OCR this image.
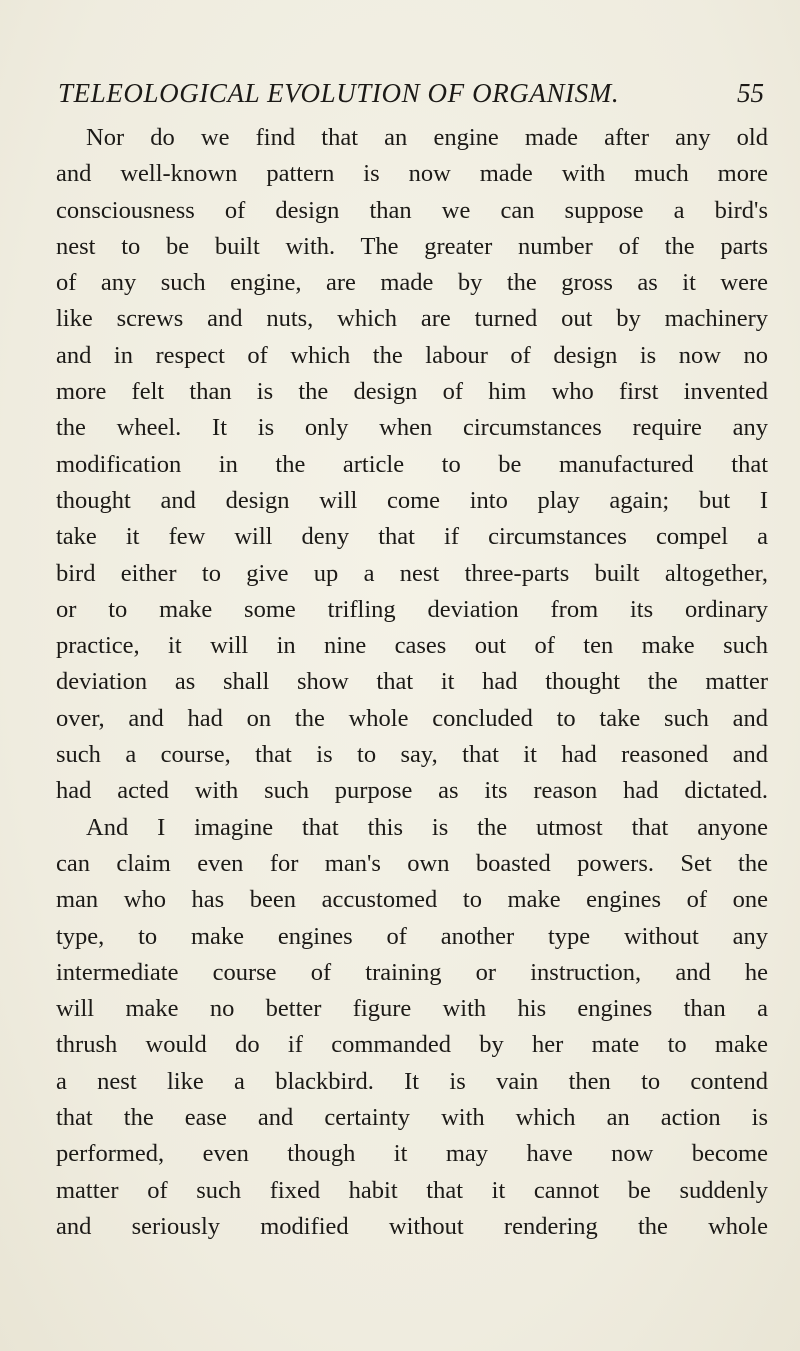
TELEOLOGICAL EVOLUTION OF ORGANISM.	55
Nor do we find that an engine made after any old
and well-known pattern is now made with much more
consciousness of design than we can suppose a bird's
nest to be built with. The greater number of the parts
of any such engine, are made by the gross as it were
like screws and nuts, which are turned out by machinery
and in respect of which the labour of design is now no
more felt than is the design of him who first invented
the wheel. It is only when circumstances require any
modification in the article to be manufactured that
thought and design will come into play again; but I
take it few will deny that if circumstances compel a
bird either to give up a nest three-parts built altogether,
or to make some trifling deviation from its ordinary
practice, it will in nine cases out of ten make such
deviation as shall show that it had thought the matter
over, and had on the whole concluded to take such and
such a course, that is to say, that it had reasoned and
had acted with such purpose as its reason had dictated.
And I imagine that this is the utmost that anyone
can claim even for man's own boasted powers. Set the
man who has been accustomed to make engines of one
type, to make engines of another type without any
intermediate course of training or instruction, and he
will make no better figure with his engines than a
thrush would do if commanded by her mate to make
a nest like a blackbird. It is vain then to contend
that the ease and certainty with which an action is
performed, even though it may have now become
matter of such fixed habit that it cannot be suddenly
and seriously modified without rendering the whole
